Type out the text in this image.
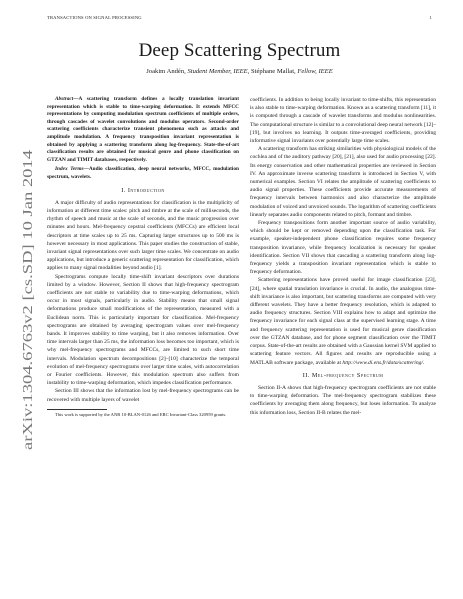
TRANSACTIONS ON SIGNAL PROCESSING	1
arXiv:1304.6763v2 [cs.SD] 10 Jan 2014
Deep Scattering Spectrum
Joakim Andén, Student Member, IEEE, Stéphane Mallat, Fellow, IEEE

Abstract—A scattering transform defines a locally translation invariant representation which is stable to time-warping deformation. It extends MFCC representations by computing modulation spectrum coefficients of multiple orders, through cascades of wavelet convolutions and modulus operators. Second-order scattering coefficients characterize transient phenomena such as attacks and amplitude modulation. A frequency transposition invariant representation is obtained by applying a scattering transform along log-frequency. State-the-of-art classification results are obtained for musical genre and phone classification on GTZAN and TIMIT databases, respectively.

Index Terms—Audio classification, deep neural networks, MFCC, modulation spectrum, wavelets.

I. Introduction

A major difficulty of audio representations for classification is the multiplicity of information at different time scales: pitch and timbre at the scale of milliseconds, the rhythm of speech and music at the scale of seconds, and the music progression over minutes and hours. Mel-frequency cepstral coefficients (MFCCs) are efficient local descriptors at time scales up to 25 ms. Capturing larger structures up to 500 ms is however necessary in most applications. This paper studies the construction of stable, invariant signal representations over such larger time scales. We concentrate on audio applications, but introduce a generic scattering representation for classification, which applies to many signal modalities beyond audio [1].

Spectrograms compute locally time-shift invariant descriptors over durations limited by a window. However, Section II shows that high-frequency spectrogram coefficients are not stable to variability due to time-warping deformations, which occur in most signals, particularly in audio. Stability means that small signal deformations produce small modifications of the representation, measured with a Euclidean norm. This is particularly important for classification. Mel-frequency spectrograms are obtained by averaging spectrogram values over mel-frequency bands. It improves stability to time warping, but it also removes information. Over time intervals larger than 25 ms, the information loss becomes too important, which is why mel-frequency spectrograms and MFCCs, are limited to such short time intervals. Modulation spectrum decompositions [2]–[10] characterize the temporal evolution of mel-frequency spectrograms over larger time scales, with autocorrelation or Fourier coefficients. However, this modulation spectrum also suffers from instability to time-warping deformation, which impedes classification performance.

Section III shows that the information lost by mel-frequency spectrograms can be recovered with multiple layers of wavelet

This work is supported by the ANR 10-BLAN-0126 and ERC Invariant-Class 320959 grants.

coefficients. In addition to being locally invariant to time-shifts, this representation is also stable to time-warping deformation. Known as a scattering transform [11], it is computed through a cascade of wavelet transforms and modulus nonlinearities. The computational structure is similar to a convolutional deep neural network [12]–[19], but involves no learning. It outputs time-averaged coefficients, providing informative signal invariants over potentially large time scales.

A scattering transform has striking similarities with physiological models of the cochlea and of the auditory pathway [20], [21], also used for audio processing [22]. Its energy conservation and other mathematical properties are reviewed in Section IV. An approximate inverse scattering transform is introduced in Section V, with numerical examples. Section VI relates the amplitude of scattering coefficients to audio signal properties. These coefficients provide accurate measurements of frequency intervals between harmonics and also characterize the amplitude modulation of voiced and unvoiced sounds. The logarithm of scattering coefficients linearly separates audio components related to pitch, formant and timbre.

Frequency transpositions form another important source of audio variability, which should be kept or removed depending upon the classification task. For example, speaker-independent phone classification requires some frequency transposition invariance, while frequency localization is necessary for speaker identification. Section VII shows that cascading a scattering transform along log-frequency yields a transposition invariant representation which is stable to frequency deformation.

Scattering representations have proved useful for image classification [23], [24], where spatial translation invariance is crucial. In audio, the analogous time-shift invariance is also important, but scattering transforms are computed with very different wavelets. They have a better frequency resolution, which is adapted to audio frequency structures. Section VIII explains how to adapt and optimize the frequency invariance for each signal class at the supervised learning stage. A time and frequency scattering representation is used for musical genre classification over the GTZAN database, and for phone segment classification over the TIMIT corpus. State-of-the-art results are obtained with a Gaussian kernel SVM applied to scattering feature vectors. All figures and results are reproducible using a MATLAB software package, available at http://www.di.ens.fr/data/scattering/.

II. Mel-frequency Spectrum

Section II-A shows that high-frequency spectrogram coefficients are not stable to time-warping deformation. The mel-frequency spectrogram stabilizes these coefficients by averaging them along frequency, but loses information. To analyze this information loss, Section II-B relates the mel-
